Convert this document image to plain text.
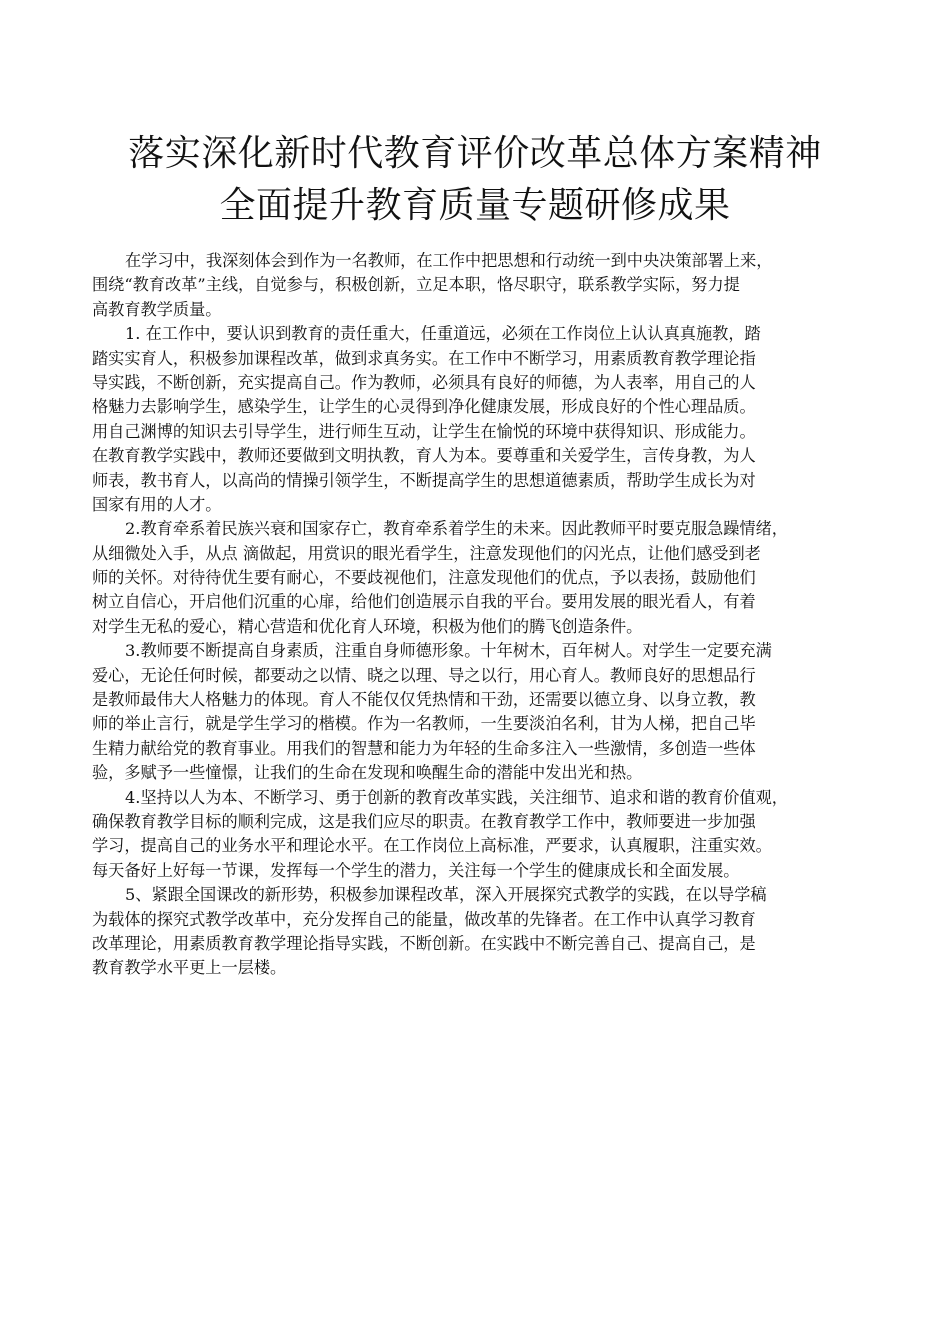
落实深化新时代教育评价改革总体方案精神
全面提升教育质量专题研修成果
在学习中，我深刻体会到作为一名教师，在工作中把思想和行动统一到中央决策部署上来，
围绕“教育改革”主线，自觉参与，积极创新，立足本职，恪尽职守，联系教学实际，努力提
高教育教学质量。
1. 在工作中，要认识到教育的责任重大，任重道远，必须在工作岗位上认认真真施教，踏
踏实实育人，积极参加课程改革，做到求真务实。在工作中不断学习，用素质教育教学理论指
导实践，不断创新，充实提高自己。作为教师，必须具有良好的师德，为人表率，用自己的人
格魅力去影响学生，感染学生，让学生的心灵得到净化健康发展，形成良好的个性心理品质。
用自己渊博的知识去引导学生，进行师生互动，让学生在愉悦的环境中获得知识、形成能力。
在教育教学实践中，教师还要做到文明执教，育人为本。要尊重和关爱学生，言传身教，为人
师表，教书育人，以高尚的情操引领学生，不断提高学生的思想道德素质，帮助学生成长为对
国家有用的人才。
2.教育牵系着民族兴衰和国家存亡，教育牵系着学生的未来。因此教师平时要克服急躁情绪，
从细微处入手，从点 滴做起，用赏识的眼光看学生，注意发现他们的闪光点，让他们感受到老
师的关怀。对待待优生要有耐心，不要歧视他们，注意发现他们的优点，予以表扬，鼓励他们
树立自信心，开启他们沉重的心扉，给他们创造展示自我的平台。要用发展的眼光看人，有着
对学生无私的爱心，精心营造和优化育人环境，积极为他们的腾飞创造条件。
3.教师要不断提高自身素质，注重自身师德形象。十年树木，百年树人。对学生一定要充满
爱心，无论任何时候，都要动之以情、晓之以理、导之以行，用心育人。教师良好的思想品行
是教师最伟大人格魅力的体现。育人不能仅仅凭热情和干劲，还需要以德立身、以身立教，教
师的举止言行，就是学生学习的楷模。作为一名教师，一生要淡泊名利，甘为人梯，把自己毕
生精力献给党的教育事业。用我们的智慧和能力为年轻的生命多注入一些激情，多创造一些体
验，多赋予一些憧憬，让我们的生命在发现和唤醒生命的潜能中发出光和热。
4.坚持以人为本、不断学习、勇于创新的教育改革实践，关注细节、追求和谐的教育价值观，
确保教育教学目标的顺利完成，这是我们应尽的职责。在教育教学工作中，教师要进一步加强
学习，提高自己的业务水平和理论水平。在工作岗位上高标准，严要求，认真履职，注重实效。
每天备好上好每一节课，发挥每一个学生的潜力，关注每一个学生的健康成长和全面发展。
5、紧跟全国课改的新形势，积极参加课程改革，深入开展探究式教学的实践，在以导学稿
为载体的探究式教学改革中，充分发挥自己的能量，做改革的先锋者。在工作中认真学习教育
改革理论，用素质教育教学理论指导实践，不断创新。在实践中不断完善自己、提高自己，是
教育教学水平更上一层楼。
